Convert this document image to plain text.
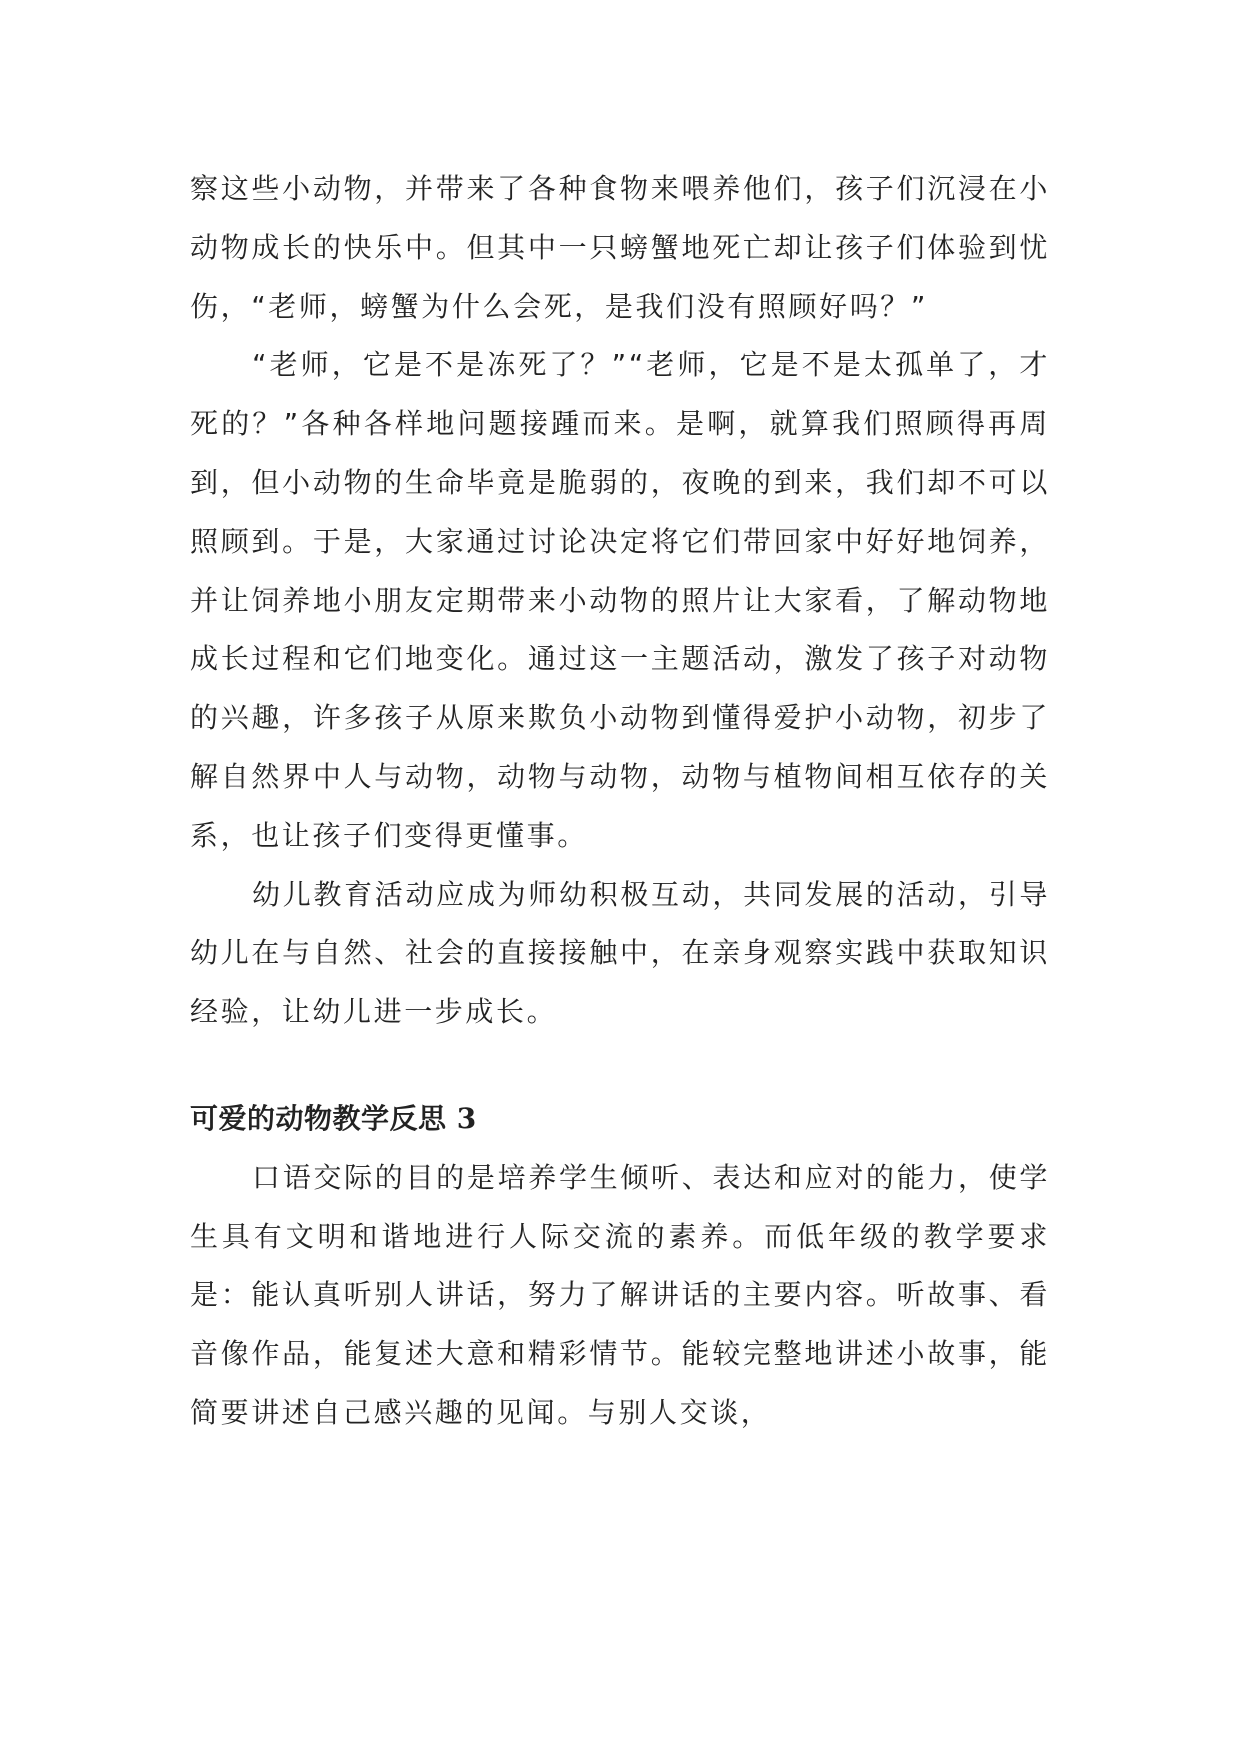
察这些小动物，并带来了各种食物来喂养他们，孩子们沉浸在小动物成长的快乐中。但其中一只螃蟹地死亡却让孩子们体验到忧伤，“老师，螃蟹为什么会死，是我们没有照顾好吗？”

“老师，它是不是冻死了？”“老师，它是不是太孤单了，才死的？”各种各样地问题接踵而来。是啊，就算我们照顾得再周到，但小动物的生命毕竟是脆弱的，夜晚的到来，我们却不可以照顾到。于是，大家通过讨论决定将它们带回家中好好地饲养，并让饲养地小朋友定期带来小动物的照片让大家看，了解动物地成长过程和它们地变化。通过这一主题活动，激发了孩子对动物的兴趣，许多孩子从原来欺负小动物到懂得爱护小动物，初步了解自然界中人与动物，动物与动物，动物与植物间相互依存的关系，也让孩子们变得更懂事。

幼儿教育活动应成为师幼积极互动，共同发展的活动，引导幼儿在与自然、社会的直接接触中，在亲身观察实践中获取知识经验，让幼儿进一步成长。

可爱的动物教学反思 3

口语交际的目的是培养学生倾听、表达和应对的能力，使学生具有文明和谐地进行人际交流的素养。而低年级的教学要求是：能认真听别人讲话，努力了解讲话的主要内容。听故事、看音像作品，能复述大意和精彩情节。能较完整地讲述小故事，能简要讲述自己感兴趣的见闻。与别人交谈，
